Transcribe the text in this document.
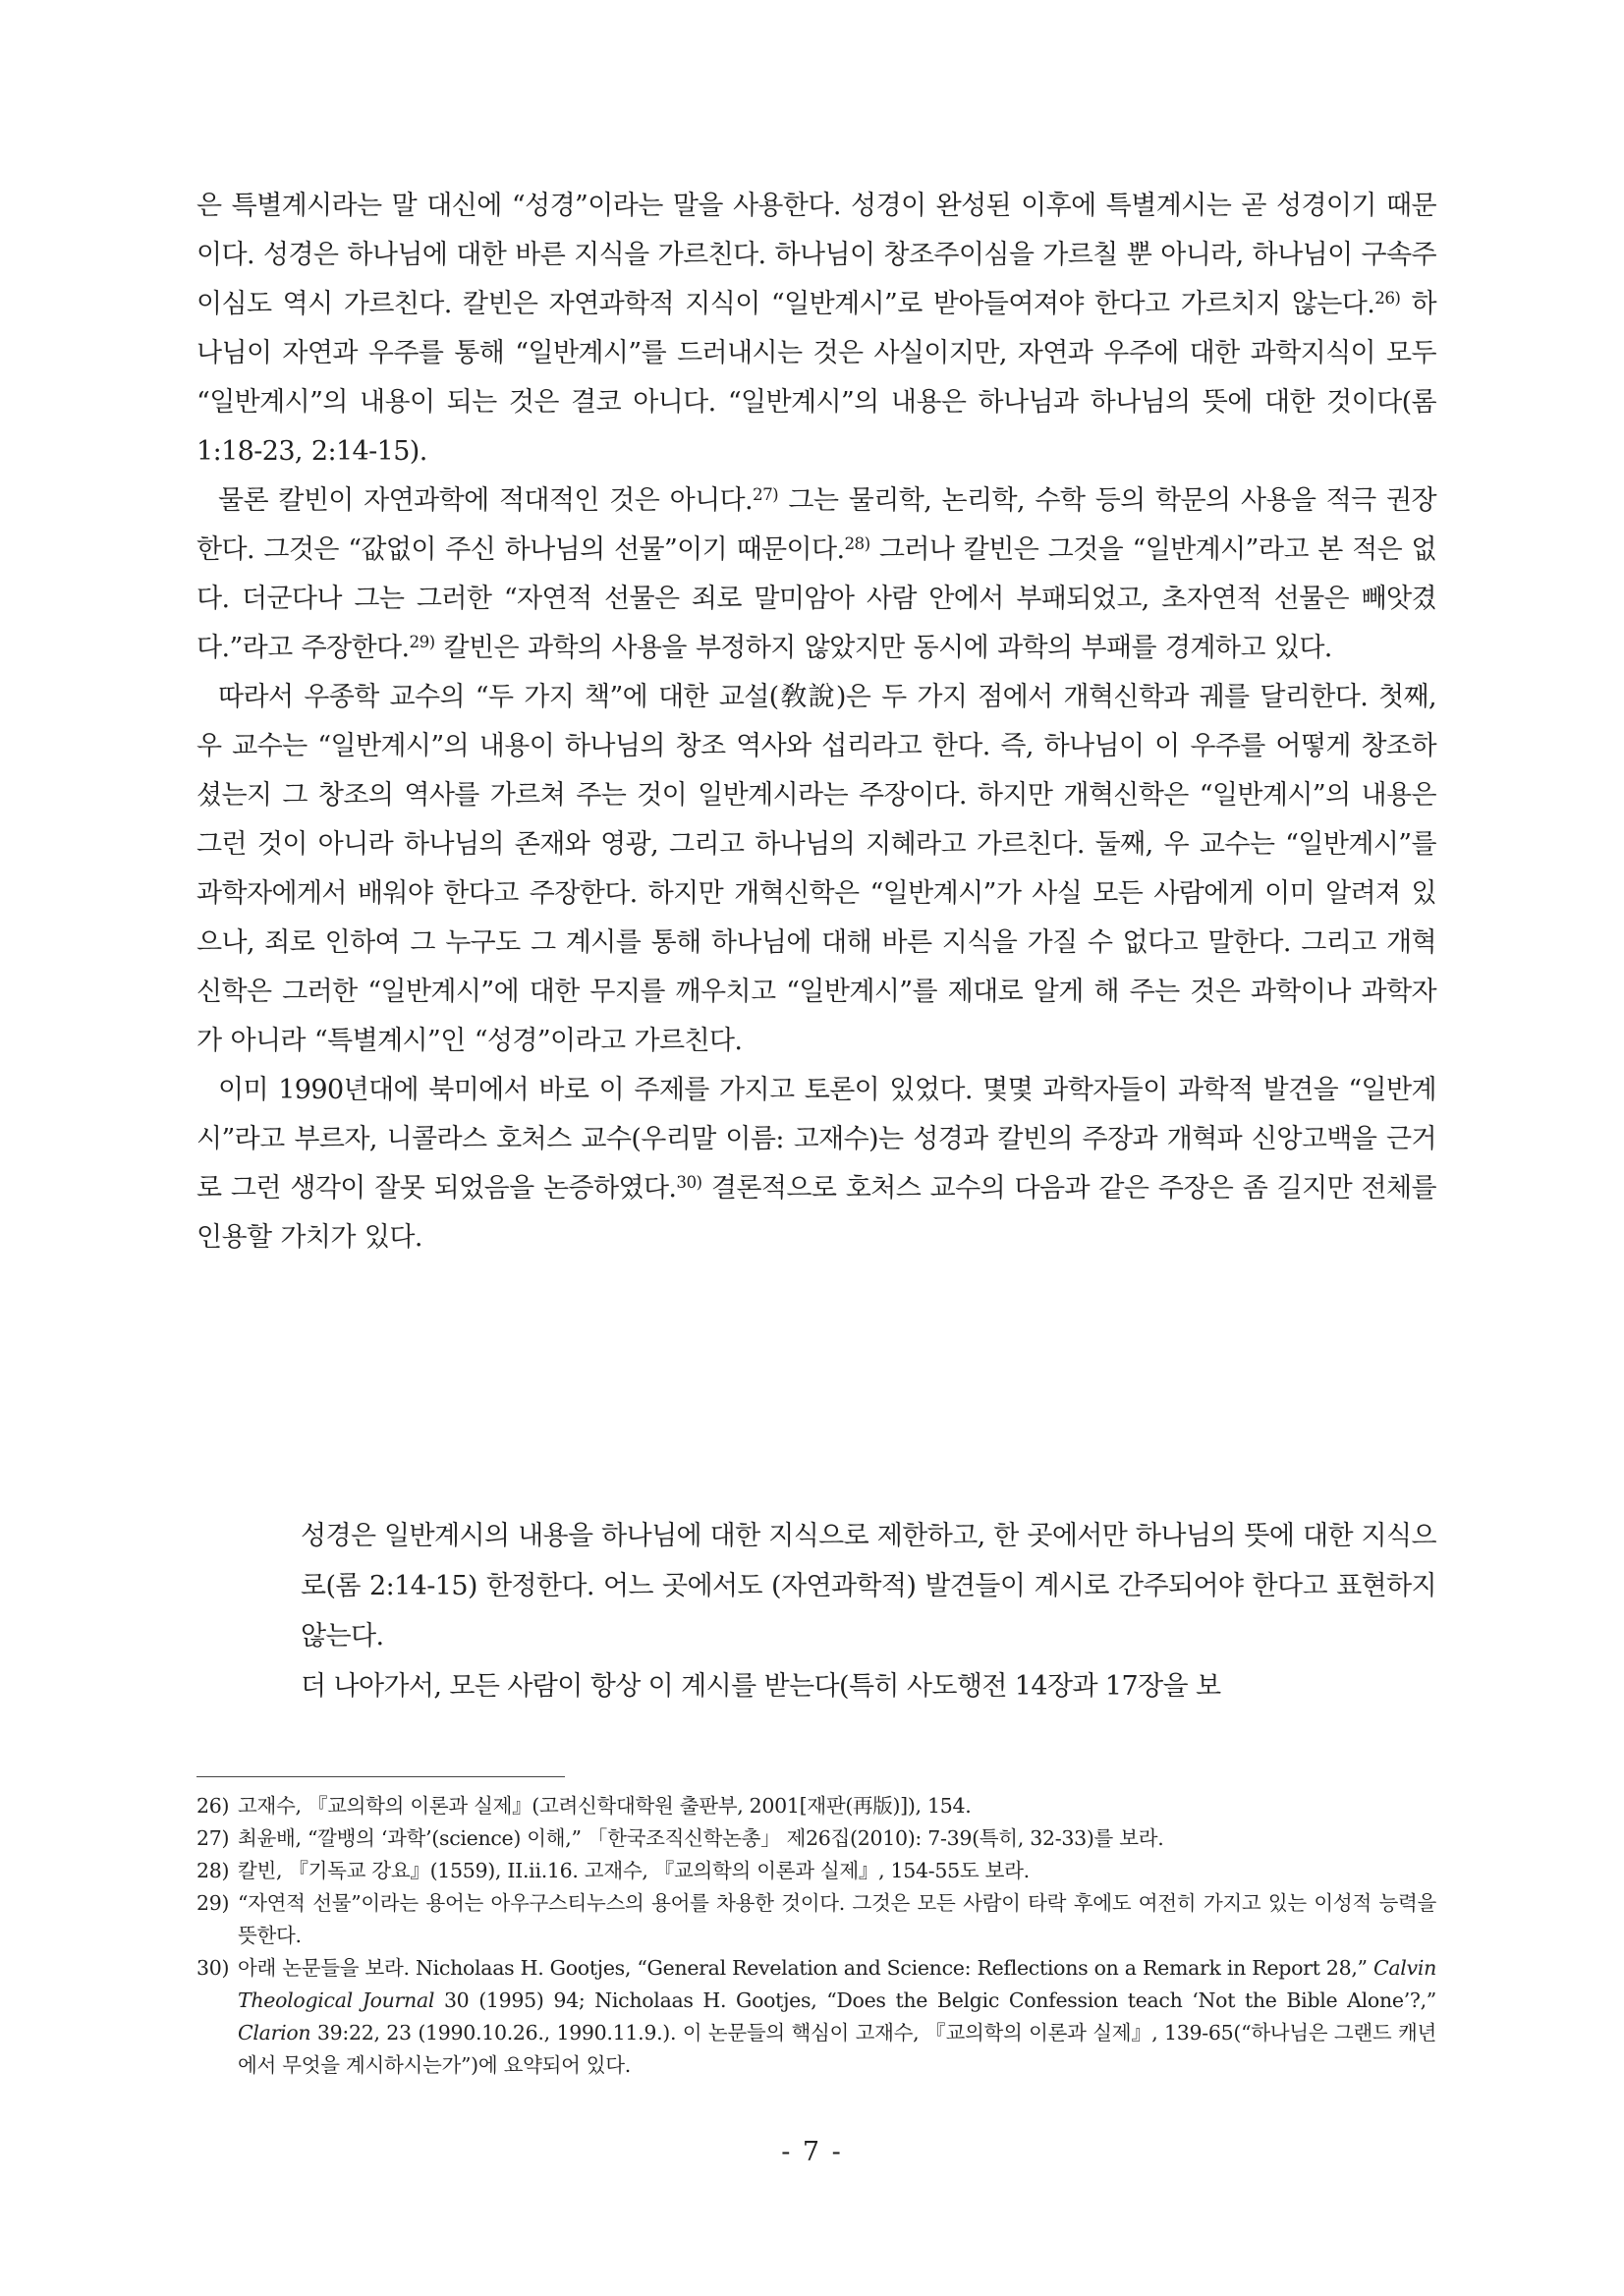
은 특별계시라는 말 대신에 “성경”이라는 말을 사용한다. 성경이 완성된 이후에 특별계시는 곧 성경이기 때문이다. 성경은 하나님에 대한 바른 지식을 가르친다. 하나님이 창조주이심을 가르칠 뿐 아니라, 하나님이 구속주이심도 역시 가르친다. 칼빈은 자연과학적 지식이 “일반계시”로 받아들여져야 한다고 가르치지 않는다.$^{26)}$ 하나님이 자연과 우주를 통해 “일반계시”를 드러내시는 것은 사실이지만, 자연과 우주에 대한 과학지식이 모두 “일반계시”의 내용이 되는 것은 결코 아니다. “일반계시”의 내용은 하나님과 하나님의 뜻에 대한 것이다(롬 1:18-23, 2:14-15).

물론 칼빈이 자연과학에 적대적인 것은 아니다.$^{27)}$ 그는 물리학, 논리학, 수학 등의 학문의 사용을 적극 권장한다. 그것은 “값없이 주신 하나님의 선물”이기 때문이다.$^{28)}$ 그러나 칼빈은 그것을 “일반계시”라고 본 적은 없다. 더군다나 그는 그러한 “자연적 선물은 죄로 말미암아 사람 안에서 부패되었고, 초자연적 선물은 빼앗겼다.”라고 주장한다.$^{29)}$ 칼빈은 과학의 사용을 부정하지 않았지만 동시에 과학의 부패를 경계하고 있다.

따라서 우종학 교수의 “두 가지 책”에 대한 교설(敎說)은 두 가지 점에서 개혁신학과 궤를 달리한다. 첫째, 우 교수는 “일반계시”의 내용이 하나님의 창조 역사와 섭리라고 한다. 즉, 하나님이 이 우주를 어떻게 창조하셨는지 그 창조의 역사를 가르쳐 주는 것이 일반계시라는 주장이다. 하지만 개혁신학은 “일반계시”의 내용은 그런 것이 아니라 하나님의 존재와 영광, 그리고 하나님의 지혜라고 가르친다. 둘째, 우 교수는 “일반계시”를 과학자에게서 배워야 한다고 주장한다. 하지만 개혁신학은 “일반계시”가 사실 모든 사람에게 이미 알려져 있으나, 죄로 인하여 그 누구도 그 계시를 통해 하나님에 대해 바른 지식을 가질 수 없다고 말한다. 그리고 개혁신학은 그러한 “일반계시”에 대한 무지를 깨우치고 “일반계시”를 제대로 알게 해 주는 것은 과학이나 과학자가 아니라 “특별계시”인 “성경”이라고 가르친다.

이미 1990년대에 북미에서 바로 이 주제를 가지고 토론이 있었다. 몇몇 과학자들이 과학적 발견을 “일반계시”라고 부르자, 니콜라스 호처스 교수(우리말 이름: 고재수)는 성경과 칼빈의 주장과 개혁파 신앙고백을 근거로 그런 생각이 잘못 되었음을 논증하였다.$^{30)}$ 결론적으로 호처스 교수의 다음과 같은 주장은 좀 길지만 전체를 인용할 가치가 있다.

성경은 일반계시의 내용을 하나님에 대한 지식으로 제한하고, 한 곳에서만 하나님의 뜻에 대한 지식으로(롬 2:14-15) 한정한다. 어느 곳에서도 (자연과학적) 발견들이 계시로 간주되어야 한다고 표현하지 않는다.

더 나아가서, 모든 사람이 항상 이 계시를 받는다(특히 사도행전 14장과 17장을 보

26) 고재수, 『교의학의 이론과 실제』(고려신학대학원 출판부, 2001[재판(再版)]), 154.
27) 최윤배, “깔뱅의 ‘과학’(science) 이해,” 「한국조직신학논총」 제26집(2010): 7-39(특히, 32-33)를 보라.
28) 칼빈, 『기독교 강요』(1559), II.ii.16. 고재수, 『교의학의 이론과 실제』, 154-55도 보라.
29) “자연적 선물”이라는 용어는 아우구스티누스의 용어를 차용한 것이다. 그것은 모든 사람이 타락 후에도 여전히 가지고 있는 이성적 능력을 뜻한다.
30) 아래 논문들을 보라. Nicholaas H. Gootjes, “General Revelation and Science: Reflections on a Remark in Report 28,” Calvin Theological Journal 30 (1995) 94; Nicholaas H. Gootjes, “Does the Belgic Confession teach ‘Not the Bible Alone’?,” Clarion 39:22, 23 (1990.10.26., 1990.11.9.). 이 논문들의 핵심이 고재수, 『교의학의 이론과 실제』, 139-65(“하나님은 그랜드 캐년에서 무엇을 계시하시는가”)에 요약되어 있다.
- 7 -
